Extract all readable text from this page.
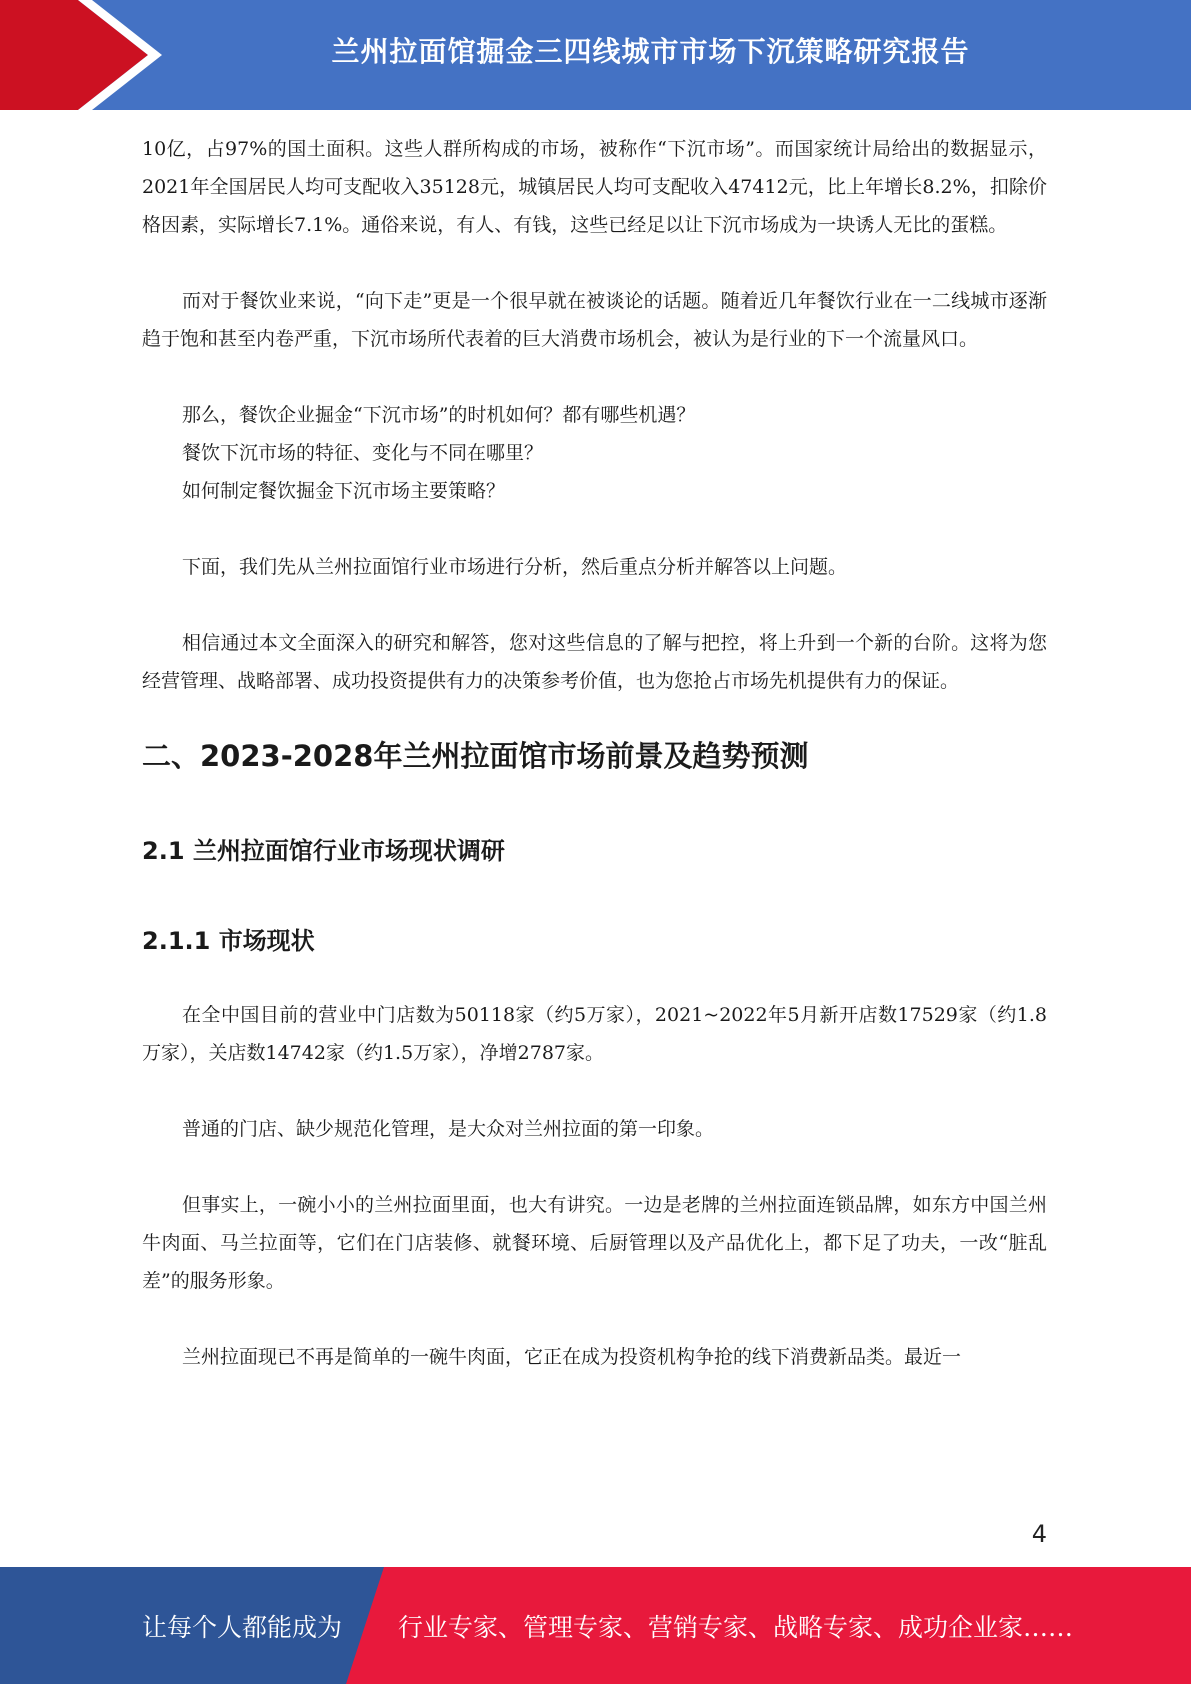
兰州拉面馆掘金三四线城市市场下沉策略研究报告

10亿，占97%的国土面积。这些人群所构成的市场，被称作“下沉市场”。而国家统计局给出的数据显示，2021年全国居民人均可支配收入35128元，城镇居民人均可支配收入47412元，比上年增长8.2%，扣除价格因素，实际增长7.1%。通俗来说，有人、有钱，这些已经足以让下沉市场成为一块诱人无比的蛋糕。

而对于餐饮业来说，“向下走”更是一个很早就在被谈论的话题。随着近几年餐饮行业在一二线城市逐渐趋于饱和甚至内卷严重，下沉市场所代表着的巨大消费市场机会，被认为是行业的下一个流量风口。

那么，餐饮企业掘金“下沉市场”的时机如何？都有哪些机遇？

餐饮下沉市场的特征、变化与不同在哪里？

如何制定餐饮掘金下沉市场主要策略？

下面，我们先从兰州拉面馆行业市场进行分析，然后重点分析并解答以上问题。

相信通过本文全面深入的研究和解答，您对这些信息的了解与把控，将上升到一个新的台阶。这将为您经营管理、战略部署、成功投资提供有力的决策参考价值，也为您抢占市场先机提供有力的保证。

二、2023-2028年兰州拉面馆市场前景及趋势预测
2.1 兰州拉面馆行业市场现状调研
2.1.1 市场现状

在全中国目前的营业中门店数为50118家（约5万家），2021~2022年5月新开店数17529家（约1.8万家），关店数14742家（约1.5万家），净增2787家。

普通的门店、缺少规范化管理，是大众对兰州拉面的第一印象。

但事实上，一碗小小的兰州拉面里面，也大有讲究。一边是老牌的兰州拉面连锁品牌，如东方中国兰州牛肉面、马兰拉面等，它们在门店装修、就餐环境、后厨管理以及产品优化上，都下足了功夫，一改“脏乱差”的服务形象。

兰州拉面现已不再是简单的一碗牛肉面，它正在成为投资机构争抢的线下消费新品类。最近一

4
让每个人都能成为 行业专家、管理专家、营销专家、战略专家、成功企业家……
